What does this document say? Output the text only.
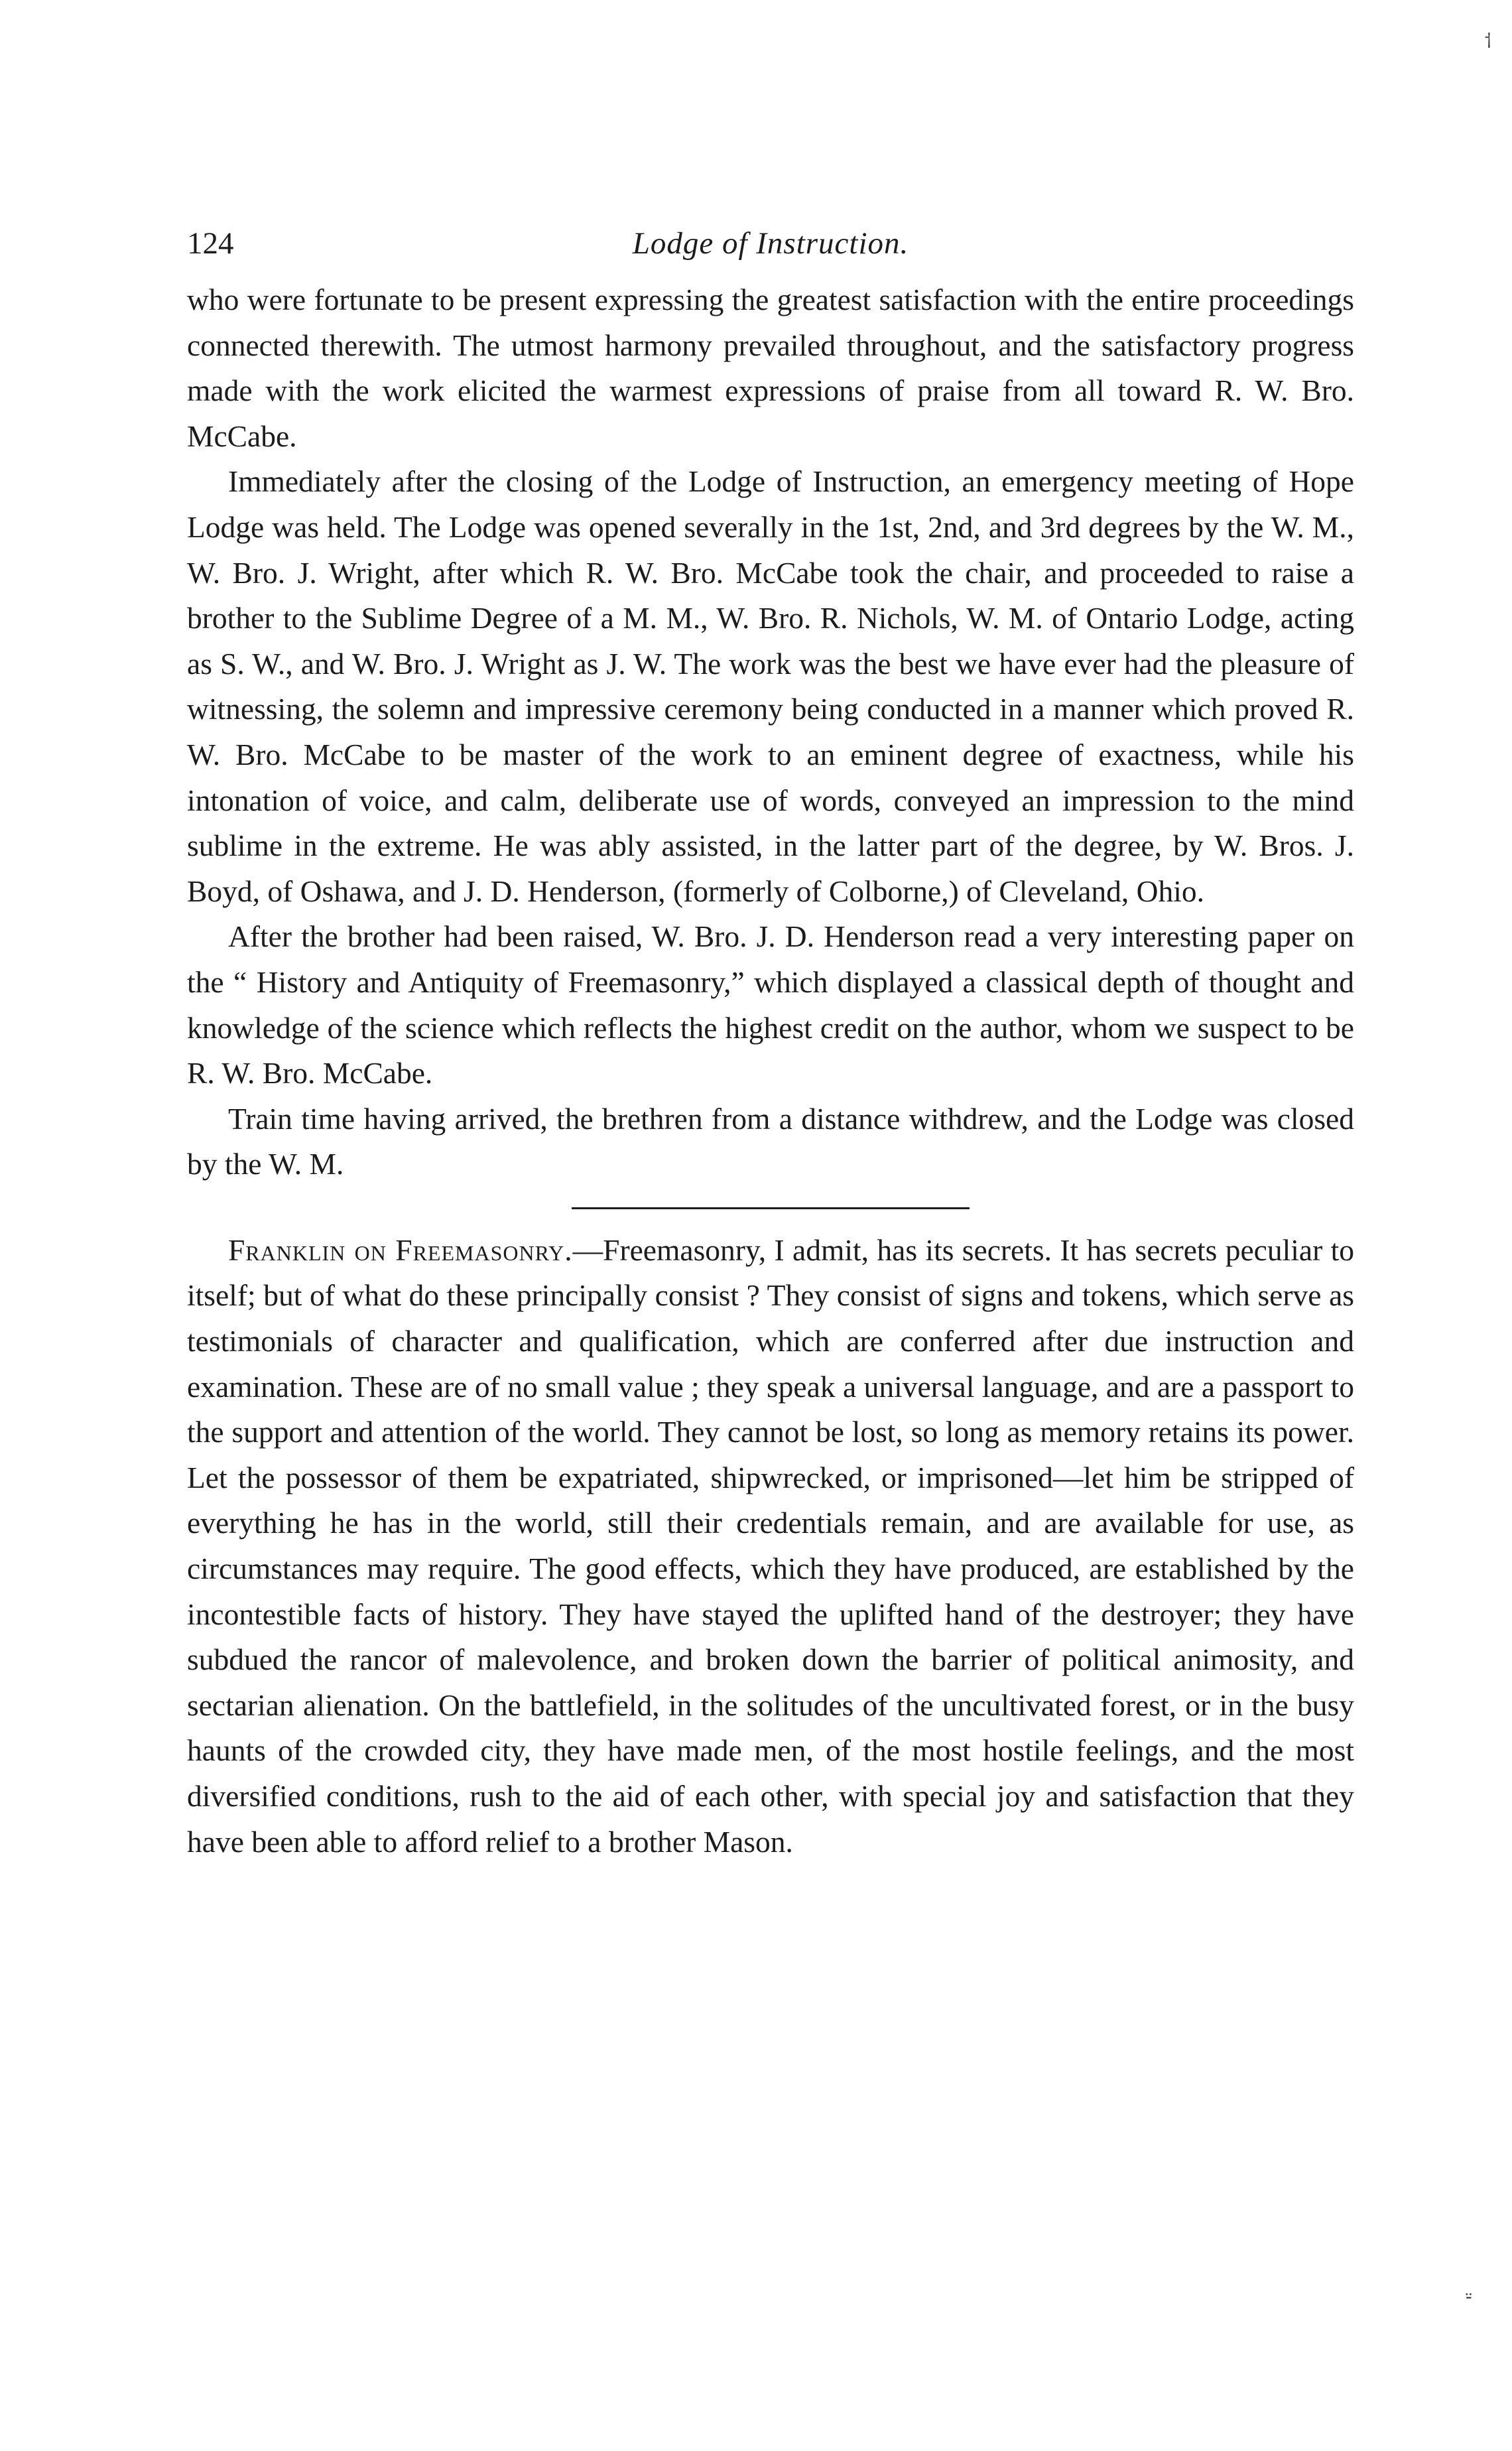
⸶
⸚
124	Lodge of Instruction.

who were fortunate to be present expressing the greatest satisfaction with the entire proceedings connected therewith. The utmost harmony prevailed throughout, and the satisfactory progress made with the work elicited the warmest expressions of praise from all toward R. W. Bro. McCabe.

Immediately after the closing of the Lodge of Instruction, an emergency meeting of Hope Lodge was held. The Lodge was opened severally in the 1st, 2nd, and 3rd degrees by the W. M., W. Bro. J. Wright, after which R. W. Bro. McCabe took the chair, and proceeded to raise a brother to the Sublime Degree of a M. M., W. Bro. R. Nichols, W. M. of Ontario Lodge, acting as S. W., and W. Bro. J. Wright as J. W. The work was the best we have ever had the pleasure of witnessing, the solemn and impressive ceremony being conducted in a manner which proved R. W. Bro. McCabe to be master of the work to an eminent degree of exactness, while his intonation of voice, and calm, deliberate use of words, conveyed an impression to the mind sublime in the extreme. He was ably assisted, in the latter part of the degree, by W. Bros. J. Boyd, of Oshawa, and J. D. Henderson, (formerly of Colborne,) of Cleveland, Ohio.

After the brother had been raised, W. Bro. J. D. Henderson read a very interesting paper on the “ History and Antiquity of Freemasonry,” which displayed a classical depth of thought and knowledge of the science which reflects the highest credit on the author, whom we suspect to be R. W. Bro. McCabe.

Train time having arrived, the brethren from a distance withdrew, and the Lodge was closed by the W. M.

Franklin on Freemasonry.—Freemasonry, I admit, has its secrets. It has secrets peculiar to itself; but of what do these principally consist ? They consist of signs and tokens, which serve as testimonials of character and qualification, which are conferred after due instruction and examination. These are of no small value ; they speak a universal language, and are a passport to the support and attention of the world. They cannot be lost, so long as memory retains its power. Let the possessor of them be expatriated, shipwrecked, or imprisoned—let him be stripped of everything he has in the world, still their credentials remain, and are available for use, as circumstances may require. The good effects, which they have produced, are established by the incontestible facts of history. They have stayed the uplifted hand of the destroyer; they have subdued the rancor of malevolence, and broken down the barrier of political animosity, and sectarian alienation. On the battlefield, in the solitudes of the uncultivated forest, or in the busy haunts of the crowded city, they have made men, of the most hostile feelings, and the most diversified conditions, rush to the aid of each other, with special joy and satisfaction that they have been able to afford relief to a brother Mason.
